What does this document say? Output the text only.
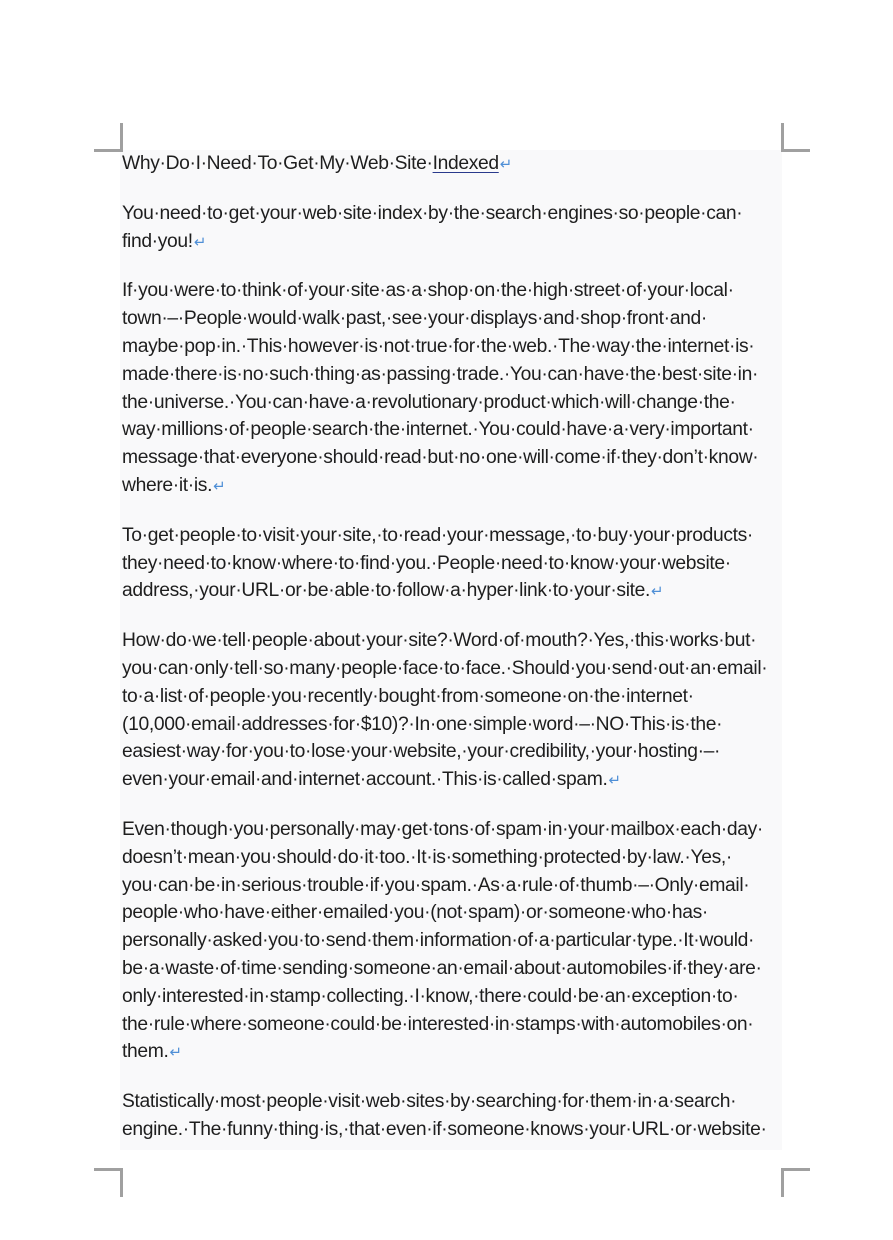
Why·Do·I·Need·To·Get·My·Web·Site·Indexed↵

You·need·to·get·your·web·site·index·by·the·search·engines·so·people·can·
find·you!↵

If·you·were·to·think·of·your·site·as·a·shop·on·the·high·street·of·your·local·
town·–·People·would·walk·past,·see·your·displays·and·shop·front·and·
maybe·pop·in.·This·however·is·not·true·for·the·web.·The·way·the·internet·is·
made·there·is·no·such·thing·as·passing·trade.·You·can·have·the·best·site·in·
the·universe.·You·can·have·a·revolutionary·product·which·will·change·the·
way·millions·of·people·search·the·internet.·You·could·have·a·very·important·
message·that·everyone·should·read·but·no·one·will·come·if·they·don’t·know·
where·it·is.↵

To·get·people·to·visit·your·site,·to·read·your·message,·to·buy·your·products·
they·need·to·know·where·to·find·you.·People·need·to·know·your·website·
address,·your·URL·or·be·able·to·follow·a·hyper·link·to·your·site.↵

How·do·we·tell·people·about·your·site?·Word·of·mouth?·Yes,·this·works·but·
you·can·only·tell·so·many·people·face·to·face.·Should·you·send·out·an·email·
to·a·list·of·people·you·recently·bought·from·someone·on·the·internet·
(10,000·email·addresses·for·$10)?·In·one·simple·word·–·NO·This·is·the·
easiest·way·for·you·to·lose·your·website,·your·credibility,·your·hosting·–·
even·your·email·and·internet·account.·This·is·called·spam.↵

Even·though·you·personally·may·get·tons·of·spam·in·your·mailbox·each·day·
doesn’t·mean·you·should·do·it·too.·It·is·something·protected·by·law.·Yes,·
you·can·be·in·serious·trouble·if·you·spam.·As·a·rule·of·thumb·–·Only·email·
people·who·have·either·emailed·you·(not·spam)·or·someone·who·has·
personally·asked·you·to·send·them·information·of·a·particular·type.·It·would·
be·a·waste·of·time·sending·someone·an·email·about·automobiles·if·they·are·
only·interested·in·stamp·collecting.·I·know,·there·could·be·an·exception·to·
the·rule·where·someone·could·be·interested·in·stamps·with·automobiles·on·
them.↵

Statistically·most·people·visit·web·sites·by·searching·for·them·in·a·search·
engine.·The·funny·thing·is,·that·even·if·someone·knows·your·URL·or·website·
